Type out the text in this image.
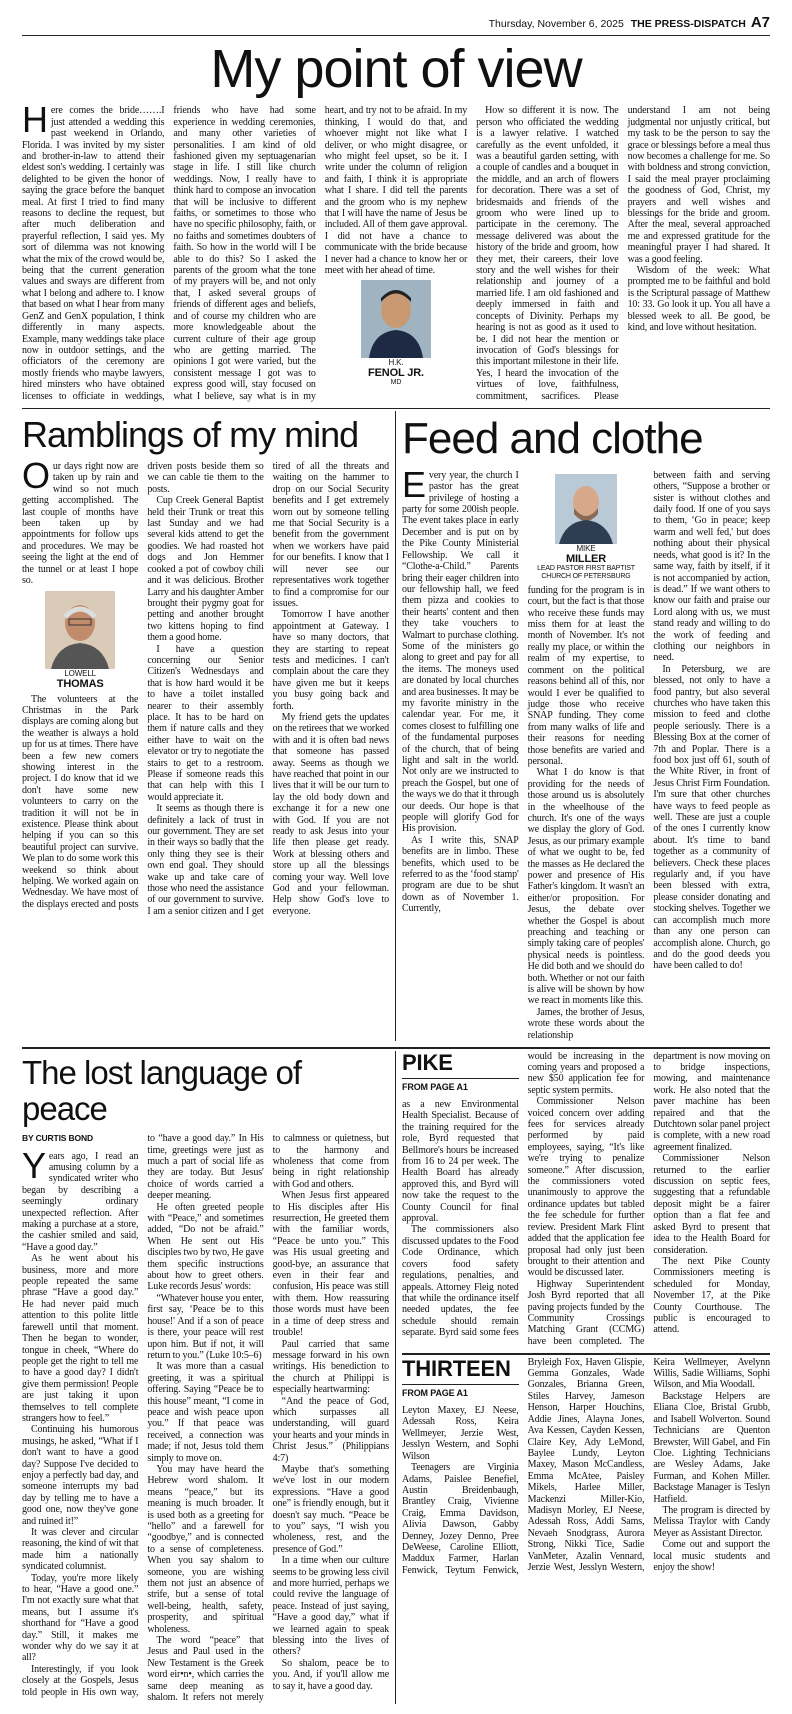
Thursday, November 6, 2025 THE PRESS-DISPATCH A7
My point of view

Here comes the bride…….I just attended a wedding this past weekend in Orlando, Florida. I was invited by my sister and brother-in-law to attend their eldest son's wedding. I certainly was delighted to be given the honor of saying the grace before the banquet meal. At first I tried to find many reasons to decline the request, but after much deliberation and prayerful reflection, I said yes. My sort of dilemma was not knowing what the mix of the crowd would be, being that the current generation values and sways are different from what I belong and adhere to. I know that based on what I hear from many GenZ and GenX population, I think differently in many aspects. Example, many weddings take place now in outdoor settings, and the officiators of the ceremony are mostly friends who maybe lawyers, hired minsters who have obtained licenses to officiate in weddings, friends who have had some experience in wedding ceremonies, and many other varieties of personalities. I am kind of old fashioned given my septuagenarian stage in life. I still like church weddings. Now, I really have to think hard to compose an invocation that will be inclusive to different faiths, or sometimes to those who have no specific philosophy, faith, or no faiths and sometimes doubters of faith. So how in the world will I be able to do this? So I asked the parents of the groom what the tone of my prayers will be, and not only that, I asked several groups of friends of different ages and beliefs, and of course my children who are more knowledgeable about the current culture of their age group who are getting married. The opinions I got were varied, but the consistent message I got was to express good will, stay focused on what I believe, say what is in my heart, and try not to be afraid. In my thinking, I would do that, and whoever might not like what I deliver, or who might disagree, or who might feel upset, so be it. I write under the column of religion and faith, I think it is appropriate what I share. I did tell the parents and the groom who is my nephew that I will have the name of Jesus be included. All of them gave approval. I did not have a chance to communicate with the bride because I never had a chance to know her or meet with her ahead of time.

H.K.
FENOL JR.
MD

How so different it is now. The person who officiated the wedding is a lawyer relative. I watched carefully as the event unfolded, it was a beautiful garden setting, with a couple of candles and a bouquet in the middle, and an arch of flowers for decoration. There was a set of bridesmaids and friends of the groom who were lined up to participate in the ceremony. The message delivered was about the history of the bride and groom, how they met, their careers, their love story and the well wishes for their relationship and journey of a married life. I am old fashioned and deeply immersed in faith and concepts of Divinity. Perhaps my hearing is not as good as it used to be. I did not hear the mention or invocation of God's blessings for this important milestone in their life. Yes, I heard the invocation of the virtues of love, faithfulness, commitment, sacrifices. Please understand I am not being judgmental nor unjustly critical, but my task to be the person to say the grace or blessings before a meal thus now becomes a challenge for me. So with boldness and strong conviction, I said the meal prayer proclaiming the goodness of God, Christ, my prayers and well wishes and blessings for the bride and groom. After the meal, several approached me and expressed gratitude for the meaningful prayer I had shared. It was a good feeling.

Wisdom of the week: What prompted me to be faithful and bold is the Scriptural passage of Matthew 10: 33. Go look it up. You all have a blessed week to all. Be good, be kind, and love without hesitation.

Ramblings of my mind

Our days right now are taken up by rain and wind so not much getting accomplished. The last couple of months have been taken up by appointments for follow ups and procedures. We may be seeing the light at the end of the tunnel or at least I hope so.

LOWELL
THOMAS

The volunteers at the Christmas in the Park displays are coming along but the weather is always a hold up for us at times. There have been a few new comers showing interest in the project. I do know that id we don't have some new volunteers to carry on the tradition it will not be in existence. Please think about helping if you can so this beautiful project can survive. We plan to do some work this weekend so think about helping. We worked again on Wednesday. We have most of the displays erected and posts driven posts beside them so we can cable tie them to the posts.

Cup Creek General Baptist held their Trunk or treat this last Sunday and we had several kids attend to get the goodies. We had roasted hot dogs and Jon Hemmer cooked a pot of cowboy chili and it was delicious. Brother Larry and his daughter Amber brought their pygmy goat for petting and another brought two kittens hoping to find them a good home.

I have a question concerning our Senior Citizen's Wednesdays and that is how hard would it be to have a toilet installed nearer to their assembly place. It has to be hard on them if nature calls and they either have to wait on the elevator or try to negotiate the stairs to get to a restroom. Please if someone reads this that can help with this I would appreciate it.

It seems as though there is definitely a lack of trust in our government. They are set in their ways so badly that the only thing they see is their own end goal. They should wake up and take care of those who need the assistance of our government to survive. I am a senior citizen and I get tired of all the threats and waiting on the hammer to drop on our Social Security benefits and I get extremely worn out by someone telling me that Social Security is a benefit from the government when we workers have paid for our benefits. I know that I will never see our representatives work together to find a compromise for our issues.

Tomorrow I have another appointment at Gateway. I have so many doctors, that they are starting to repeat tests and medicines. I can't complain about the care they have given me but it keeps you busy going back and forth.

My friend gets the updates on the retirees that we worked with and it is often bad news that someone has passed away. Seems as though we have reached that point in our lives that it will be our turn to lay the old body down and exchange it for a new one with God. If you are not ready to ask Jesus into your life then please get ready. Work at blessing others and store up all the blessings coming your way. Well love God and your fellowman. Help show God's love to everyone.

Feed and clothe

Every year, the church I pastor has the great privilege of hosting a party for some 200ish people. The event takes place in early December and is put on by the Pike County Ministerial Fellowship. We call it “Clothe-a-Child.” Parents bring their eager children into our fellowship hall, we feed them pizza and cookies to their hearts' content and then they take vouchers to Walmart to purchase clothing. Some of the ministers go along to greet and pay for all the items. The moneys used are donated by local churches and area businesses. It may be my favorite ministry in the calendar year. For me, it comes closest to fulfilling one of the fundamental purposes of the church, that of being light and salt in the world. Not only are we instructed to preach the Gospel, but one of the ways we do that it through our deeds. Our hope is that people will glorify God for His provision.

As I write this, SNAP benefits are in limbo. These benefits, which used to be referred to as the ‘food stamp' program are due to be shut down as of November 1. Currently,

MIKE
MILLER
LEAD PASTOR FIRST BAPTIST CHURCH OF PETERSBURG

funding for the program is in court, but the fact is that those who receive these funds may miss them for at least the month of November. It's not really my place, or within the realm of my expertise, to comment on the political reasons behind all of this, nor would I ever be qualified to judge those who receive SNAP funding. They come from many walks of life and their reasons for needing those benefits are varied and personal.

What I do know is that providing for the needs of those around us is absolutely in the wheelhouse of the church. It's one of the ways we display the glory of God. Jesus, as our primary example of what we ought to be, fed the masses as He declared the power and presence of His Father's kingdom. It wasn't an either/or proposition. For Jesus, the debate over whether the Gospel is about preaching and teaching or simply taking care of peoples' physical needs is pointless. He did both and we should do both. Whether or not our faith is alive will be shown by how we react in moments like this.

James, the brother of Jesus, wrote these words about the relationship

between faith and serving others, “Suppose a brother or sister is without clothes and daily food. If one of you says to them, ‘Go in peace; keep warm and well fed,' but does nothing about their physical needs, what good is it? In the same way, faith by itself, if it is not accompanied by action, is dead.” If we want others to know our faith and praise our Lord along with us, we must stand ready and willing to do the work of feeding and clothing our neighbors in need.

In Petersburg, we are blessed, not only to have a food pantry, but also several churches who have taken this mission to feed and clothe people seriously. There is a Blessing Box at the corner of 7th and Poplar. There is a food box just off 61, south of the White River, in front of Jesus Christ Firm Foundation. I'm sure that other churches have ways to feed people as well. These are just a couple of the ones I currently know about. It's time to band together as a community of believers. Check these places regularly and, if you have been blessed with extra, please consider donating and stocking shelves. Together we can accomplish much more than any one person can accomplish alone. Church, go and do the good deeds you have been called to do!

The lost language of peace
BY CURTIS BOND

Years ago, I read an amusing column by a syndicated writer who began by describing a seemingly ordinary unexpected reflection. After making a purchase at a store, the cashier smiled and said, “Have a good day.”

As he went about his business, more and more people repeated the same phrase “Have a good day.” He had never paid much attention to this polite little farewell until that moment. Then he began to wonder, tongue in cheek, “Where do people get the right to tell me to have a good day? I didn't give them permission! People are just taking it upon themselves to tell complete strangers how to feel.”

Continuing his humorous musings, he asked, “What if I don't want to have a good day? Suppose I've decided to enjoy a perfectly bad day, and someone interrupts my bad day by telling me to have a good one, now they've gone and ruined it!”

It was clever and circular reasoning, the kind of wit that made him a nationally syndicated columnist.

Today, you're more likely to hear, “Have a good one.” I'm not exactly sure what that means, but I assume it's shorthand for “Have a good day.” Still, it makes me wonder why do we say it at all?

Interestingly, if you look closely at the Gospels, Jesus told people in His own way, to “have a good day.” In His time, greetings were just as much a part of social life as they are today. But Jesus' choice of words carried a deeper meaning.

He often greeted people with “Peace,” and sometimes added, “Do not be afraid.” When He sent out His disciples two by two, He gave them specific instructions about how to greet others. Luke records Jesus' words:

“Whatever house you enter, first say, ‘Peace be to this house!' And if a son of peace is there, your peace will rest upon him. But if not, it will return to you.” (Luke 10:5–6)

It was more than a casual greeting, it was a spiritual offering. Saying “Peace be to this house” meant, “I come in peace and wish peace upon you.” If that peace was received, a connection was made; if not, Jesus told them simply to move on.

You may have heard the Hebrew word shalom. It means “peace,” but its meaning is much broader. It is used both as a greeting for “hello” and a farewell for “goodbye,” and is connected to a sense of completeness. When you say shalom to someone, you are wishing them not just an absence of strife, but a sense of total well-being, health, safety, prosperity, and spiritual wholeness.

The word “peace” that Jesus and Paul used in the New Testament is the Greek word eir•n•, which carries the same deep meaning as shalom. It refers not merely to calmness or quietness, but to the harmony and wholeness that come from being in right relationship with God and others.

When Jesus first appeared to His disciples after His resurrection, He greeted them with the familiar words, “Peace be unto you.” This was His usual greeting and good-bye, an assurance that even in their fear and confusion, His peace was still with them. How reassuring those words must have been in a time of deep stress and trouble!

Paul carried that same message forward in his own writings. His benediction to the church at Philippi is especially heartwarming:

“And the peace of God, which surpasses all understanding, will guard your hearts and your minds in Christ Jesus.” (Philippians 4:7)

Maybe that's something we've lost in our modern expressions. “Have a good one” is friendly enough, but it doesn't say much. “Peace be to you” says, “I wish you wholeness, rest, and the presence of God.”

In a time when our culture seems to be growing less civil and more hurried, perhaps we could revive the language of peace. Instead of just saying, “Have a good day,” what if we learned again to speak blessing into the lives of others?

So shalom, peace be to you. And, if you'll allow me to say it, have a good day.

PIKE
FROM PAGE A1

as a new Environmental Health Specialist. Because of the training required for the role, Byrd requested that Bellmore's hours be increased from 16 to 24 per week. The Health Board has already approved this, and Byrd will now take the request to the County Council for final approval.

The commissioners also discussed updates to the Food Code Ordinance, which covers food safety regulations, penalties, and appeals. Attorney Fleig noted that while the ordinance itself needed updates, the fee schedule should remain separate. Byrd said some fees would be increasing in the coming years and proposed a new $50 application fee for septic system permits.

Commissioner Nelson voiced concern over adding fees for services already performed by paid employees, saying, “It's like we're trying to penalize someone.” After discussion, the commissioners voted unanimously to approve the ordinance updates but tabled the fee schedule for further review. President Mark Flint added that the application fee proposal had only just been brought to their attention and would be discussed later.

Highway Superintendent Josh Byrd reported that all paving projects funded by the Community Crossings Matching Grant (CCMG) have been completed. The department is now moving on to bridge inspections, mowing, and maintenance work. He also noted that the paver machine has been repaired and that the Dutchtown solar panel project is complete, with a new road agreement finalized.

Commissioner Nelson returned to the earlier discussion on septic fees, suggesting that a refundable deposit might be a fairer option than a flat fee and asked Byrd to present that idea to the Health Board for consideration.

The next Pike County Commissioners meeting is scheduled for Monday, November 17, at the Pike County Courthouse. The public is encouraged to attend.

THIRTEEN
FROM PAGE A1

Leyton Maxey, EJ Neese, Adessah Ross, Keira Wellmeyer, Jerzie West, Jesslyn Western, and Sophi Wilson

Teenagers are Virginia Adams, Paislee Benefiel, Austin Breidenbaugh, Brantley Craig, Vivienne Craig, Emma Davidson, Alivia Dawson, Gabby Denney, Jozey Denno, Pree DeWeese, Caroline Elliott, Maddux Farmer, Harlan Fenwick, Teytum Fenwick, Bryleigh Fox, Haven Glispie, Gemma Gonzales, Wade Gonzales, Brianna Green, Stiles Harvey, Jameson Henson, Harper Houchins, Addie Jines, Alayna Jones, Ava Kessen, Cayden Kessen, Claire Key, Ady LeMond, Baylee Lundy, Leyton Maxey, Mason McCandless, Emma McAtee, Paisley Mikels, Harlee Miller, Mackenzi Miller-Kio, Madisyn Morley, EJ Neese, Adessah Ross, Addi Sams, Nevaeh Snodgrass, Aurora Strong, Nikki Tice, Sadie VanMeter, Azalin Vennard, Jerzie West, Jesslyn Western, Keira Wellmeyer, Avelynn Willis, Sadie Williams, Sophi Wilson, and Mia Woodall.

Backstage Helpers are Eliana Cloe, Bristal Grubb, and Isabell Wolverton. Sound Technicians are Quenton Brewster, Will Gabel, and Fin Cloe. Lighting Technicians are Wesley Adams, Jake Furman, and Kohen Miller. Backstage Manager is Teslyn Hatfield.

The program is directed by Melissa Traylor with Candy Meyer as Assistant Director.

Come out and support the local music students and enjoy the show!
